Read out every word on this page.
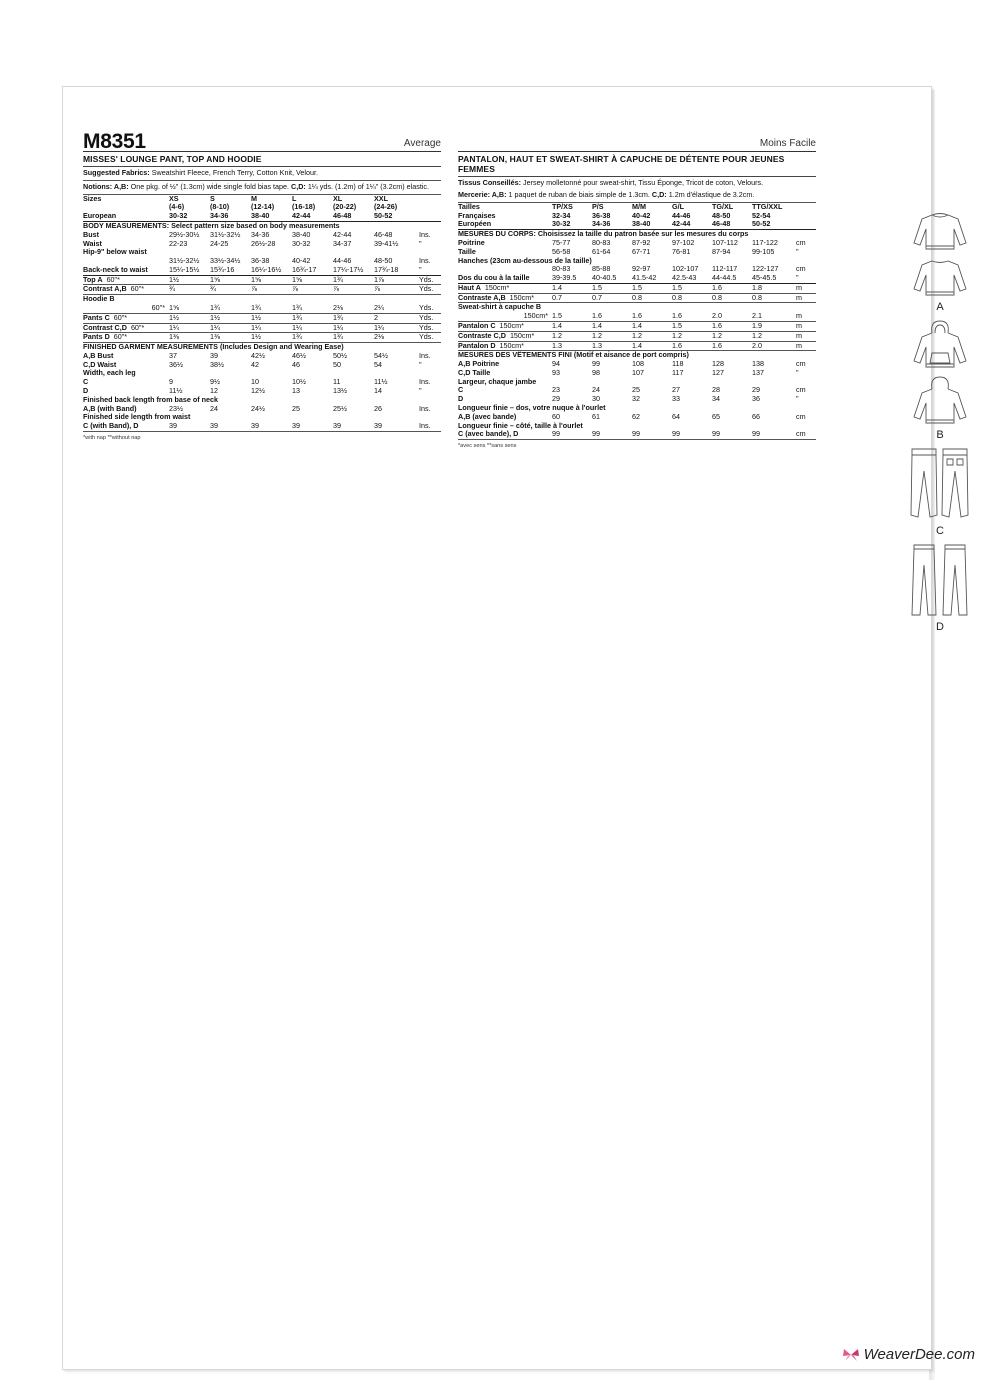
M8351	Average
MISSES' LOUNGE PANT, TOP AND HOODIE
Suggested Fabrics: Sweatshirt Fleece, French Terry, Cotton Knit, Velour.
Notions: A,B: One pkg. of ½" (1.3cm) wide single fold bias tape. C,D: 1¼ yds. (1.2m) of 1¼" (3.2cm) elastic.
Sizes	XS	S	M	L	XL	XXL	
	(4-6)	(8-10)	(12-14)	(16-18)	(20-22)	(24-26)	
European	30-32	34-36	38-40	42-44	46-48	50-52	
BODY MEASUREMENTS: Select pattern size based on body measurements							
Bust	29½-30½	31½-32½	34-36	38-40	42-44	46-48	Ins.
Waist	22-23	24-25	26½-28	30-32	34-37	39-41½	"
Hip-9" below waist							
	31½-32½	33½-34½	36-38	40-42	44-46	48-50	Ins.
Back-neck to waist	15¼-15½	15¾-16	16¼-16½	16¾-17	17¼-17½	17¾-18	"
Top A 60"*	1½	1⅝	1⅝	1⅝	1¾	1⅞	Yds.
Contrast A,B 60"*	¾	¾	⅞	⅞	⅞	⅞	Yds.
Hoodie B							
60"*	1⅝	1¾	1¾	1¾	2⅛	2¼	Yds.
Pants C 60"*	1½	1½	1½	1¾	1¾	2	Yds.
Contrast C,D 60"*	1¼	1¼	1¼	1¼	1¼	1¼	Yds.
Pants D 60"*	1⅜	1⅜	1½	1¾	1¾	2⅛	Yds.
FINISHED GARMENT MEASUREMENTS (Includes Design and Wearing Ease)							
A,B Bust	37	39	42½	46½	50½	54½	Ins.
C,D Waist	36½	38½	42	46	50	54	"
Width, each leg							
C	9	9½	10	10½	11	11½	Ins.
D	11½	12	12½	13	13½	14	"
Finished back length from base of neck							
A,B (with Band)	23½	24	24½	25	25½	26	Ins.
Finished side length from waist							
C (with Band), D	39	39	39	39	39	39	Ins.
*with nap **without nap
Moins Facile
PANTALON, HAUT ET SWEAT-SHIRT À CAPUCHE DE DÉTENTE POUR JEUNES FEMMES
Tissus Conseillés: Jersey molletonné pour sweat-shirt, Tissu Éponge, Tricot de coton, Velours.
Mercerie: A,B: 1 paquet de ruban de biais simple de 1.3cm. C,D: 1.2m d'élastique de 3.2cm.
Tailles	TP/XS	P/S	M/M	G/L	TG/XL	TTG/XXL	
Françaises	32-34	36-38	40-42	44-46	48-50	52-54	
Européen	30-32	34-36	38-40	42-44	46-48	50-52	
MESURES DU CORPS: Choisissez la taille du patron basée sur les mesures du corps							
Poitrine	75-77	80-83	87-92	97-102	107-112	117-122	cm
Taille	56-58	61-64	67-71	76-81	87-94	99-105	"
Hanches (23cm au-dessous de la taille)							
	80-83	85-88	92-97	102-107	112-117	122-127	cm
Dos du cou à la taille	39-39.5	40-40.5	41.5-42	42.5-43	44-44.5	45-45.5	"
Haut A 150cm*	1.4	1.5	1.5	1.5	1.6	1.8	m
Contraste A,B 150cm*	0.7	0.7	0.8	0.8	0.8	0.8	m
Sweat-shirt à capuche B							
150cm*	1.5	1.6	1.6	1.6	2.0	2.1	m
Pantalon C 150cm*	1.4	1.4	1.4	1.5	1.6	1.9	m
Contraste C,D 150cm*	1.2	1.2	1.2	1.2	1.2	1.2	m
Pantalon D 150cm*	1.3	1.3	1.4	1.6	1.6	2.0	m
MESURES DES VÊTEMENTS FINI (Motif et aisance de port compris)							
A,B Poitrine	94	99	108	118	128	138	cm
C,D Taille	93	98	107	117	127	137	"
Largeur, chaque jambe							
C	23	24	25	27	28	29	cm
D	29	30	32	33	34	36	"
Longueur finie – dos, votre nuque à l'ourlet							
A,B (avec bande)	60	61	62	64	65	66	cm
Longueur finie – côté, taille à l'ourlet							
C (avec bande), D	99	99	99	99	99	99	cm
*avec sens **sans sens
A
B
C
D
WeaverDee.com
